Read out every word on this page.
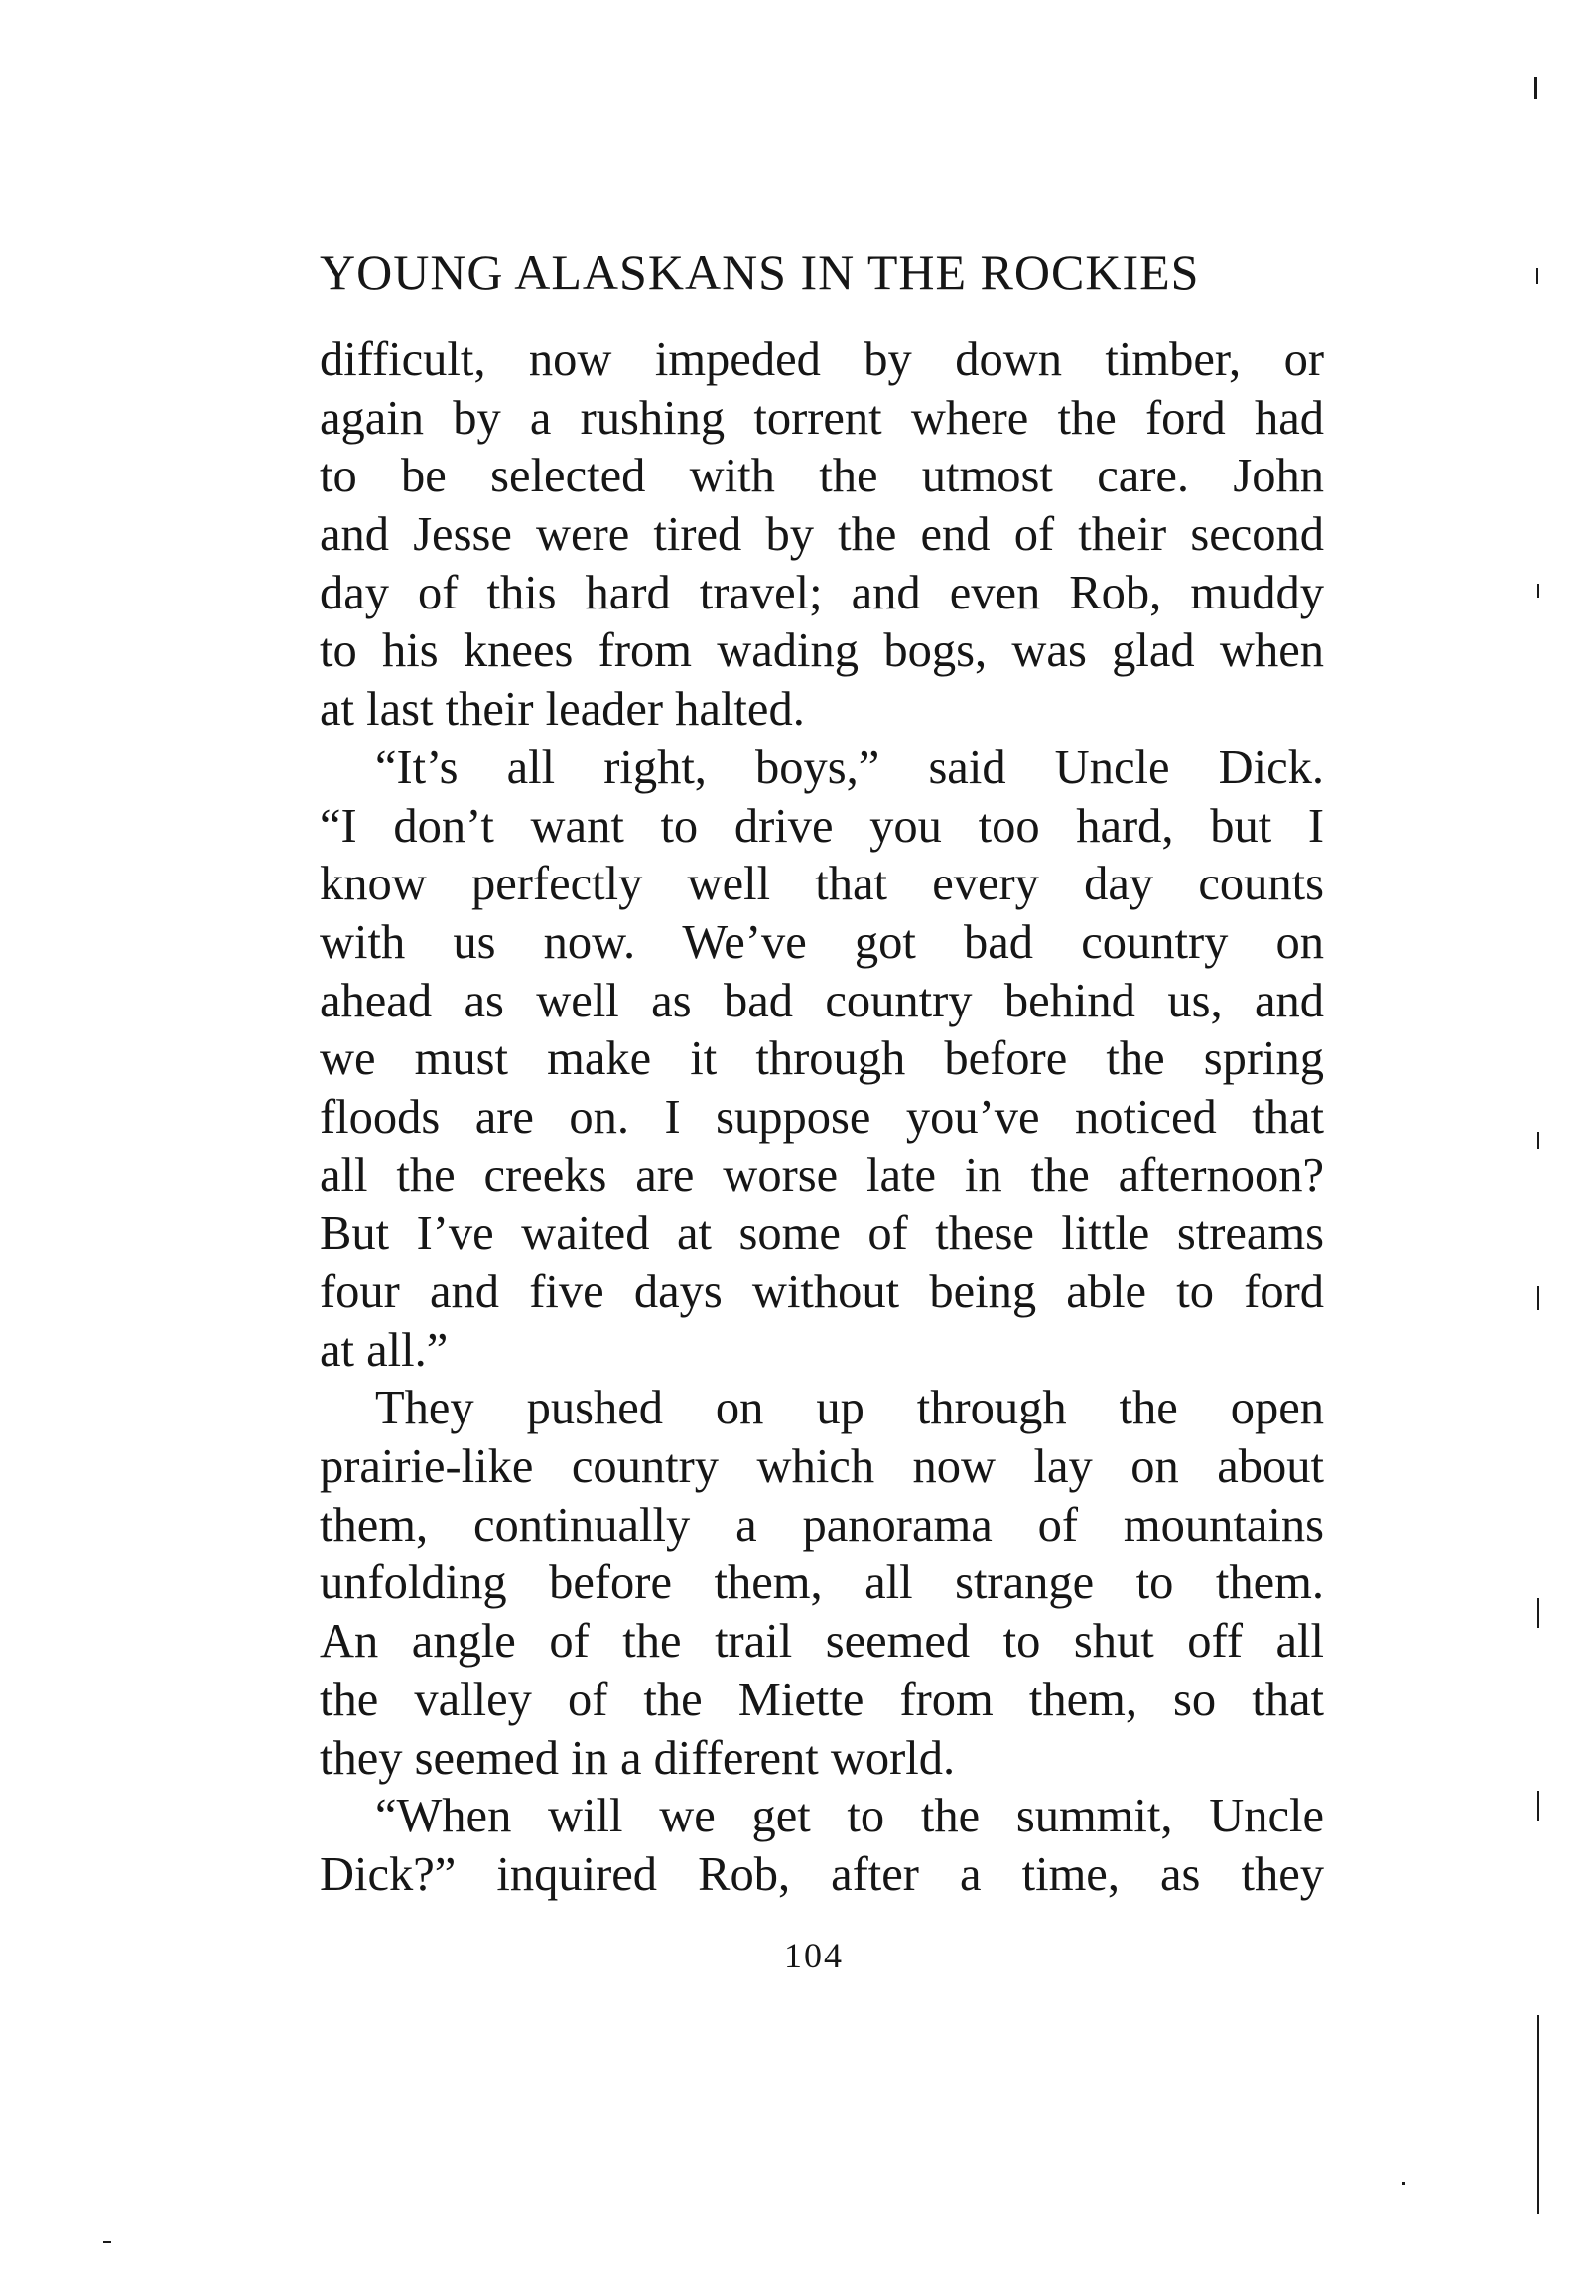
YOUNG ALASKANS IN THE ROCKIES

difficult, now impeded by down timber, or
again by a rushing torrent where the ford had
to be selected with the utmost care. John
and Jesse were tired by the end of their second
day of this hard travel; and even Rob, muddy
to his knees from wading bogs, was glad when
at last their leader halted.

“It’s all right, boys,” said Uncle Dick.
“I don’t want to drive you too hard, but I
know perfectly well that every day counts
with us now. We’ve got bad country on
ahead as well as bad country behind us, and
we must make it through before the spring
floods are on. I suppose you’ve noticed that
all the creeks are worse late in the afternoon?
But I’ve waited at some of these little streams
four and five days without being able to ford
at all.”

They pushed on up through the open
prairie-like country which now lay on about
them, continually a panorama of mountains
unfolding before them, all strange to them.
An angle of the trail seemed to shut off all
the valley of the Miette from them, so that
they seemed in a different world.

“When will we get to the summit, Uncle
Dick?” inquired Rob, after a time, as they

104
